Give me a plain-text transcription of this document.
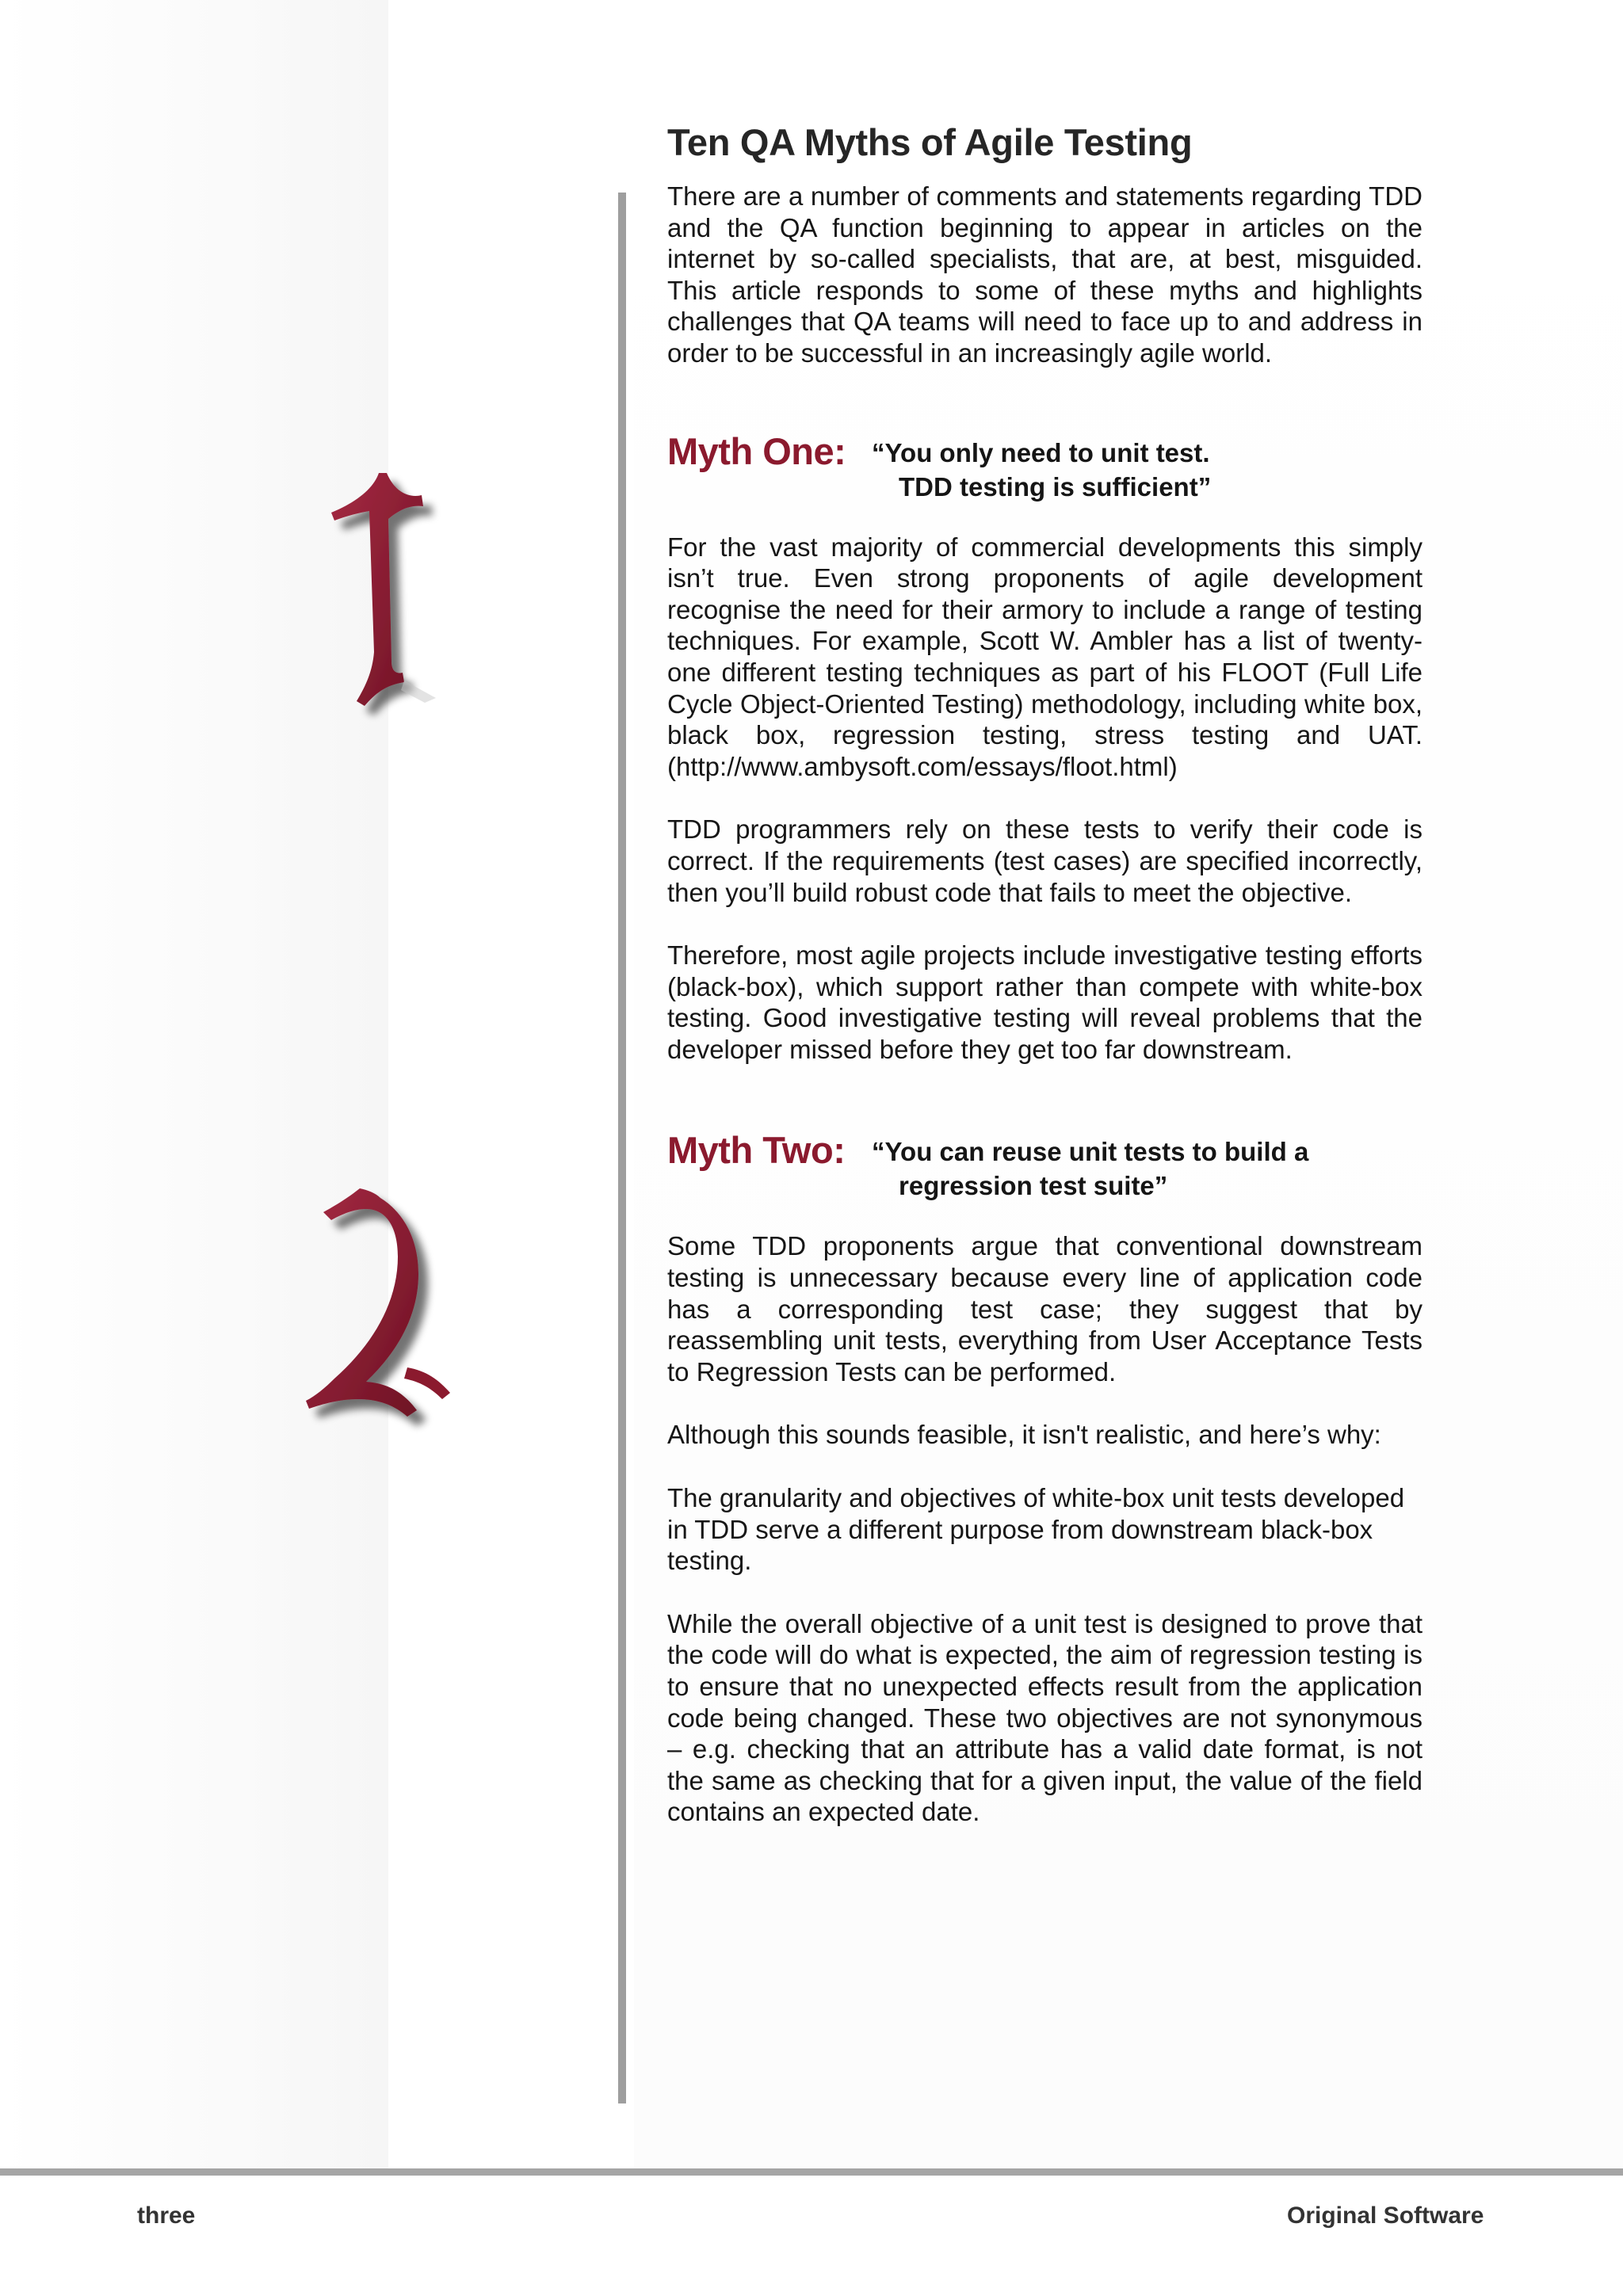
Ten QA Myths of Agile Testing

There are a number of comments and statements regarding TDD and the QA function beginning to appear in articles on the internet by so-called specialists, that are, at best, misguided. This article responds to some of these myths and highlights challenges that QA teams will need to face up to and address in order to be successful in an increasingly agile world.

Myth One: “You only need to unit test.
TDD testing is sufficient”

For the vast majority of commercial developments this simply isn’t true. Even strong proponents of agile development recognise the need for their armory to include a range of testing techniques. For example, Scott W. Ambler has a list of twenty-one different testing techniques as part of his FLOOT (Full Life Cycle Object-Oriented Testing) methodology, including white box, black box, regression testing, stress testing and UAT. (http://www.ambysoft.com/essays/floot.html)

TDD programmers rely on these tests to verify their code is correct. If the requirements (test cases) are specified incorrectly, then you’ll build robust code that fails to meet the objective.

Therefore, most agile projects include investigative testing efforts (black-box), which support rather than compete with white-box testing. Good investigative testing will reveal problems that the developer missed before they get too far downstream.

Myth Two: “You can reuse unit tests to build a
regression test suite”

Some TDD proponents argue that conventional downstream testing is unnecessary because every line of application code has a corresponding test case; they suggest that by reassembling unit tests, everything from User Acceptance Tests to Regression Tests can be performed.

Although this sounds feasible, it isn't realistic, and here’s why:

The granularity and objectives of white-box unit tests developed in TDD serve a different purpose from downstream black-box testing.

While the overall objective of a unit test is designed to prove that the code will do what is expected, the aim of regression testing is to ensure that no unexpected effects result from the application code being changed. These two objectives are not synonymous – e.g. checking that an attribute has a valid date format, is not the same as checking that for a given input, the value of the field contains an expected date.

three	Original Software
